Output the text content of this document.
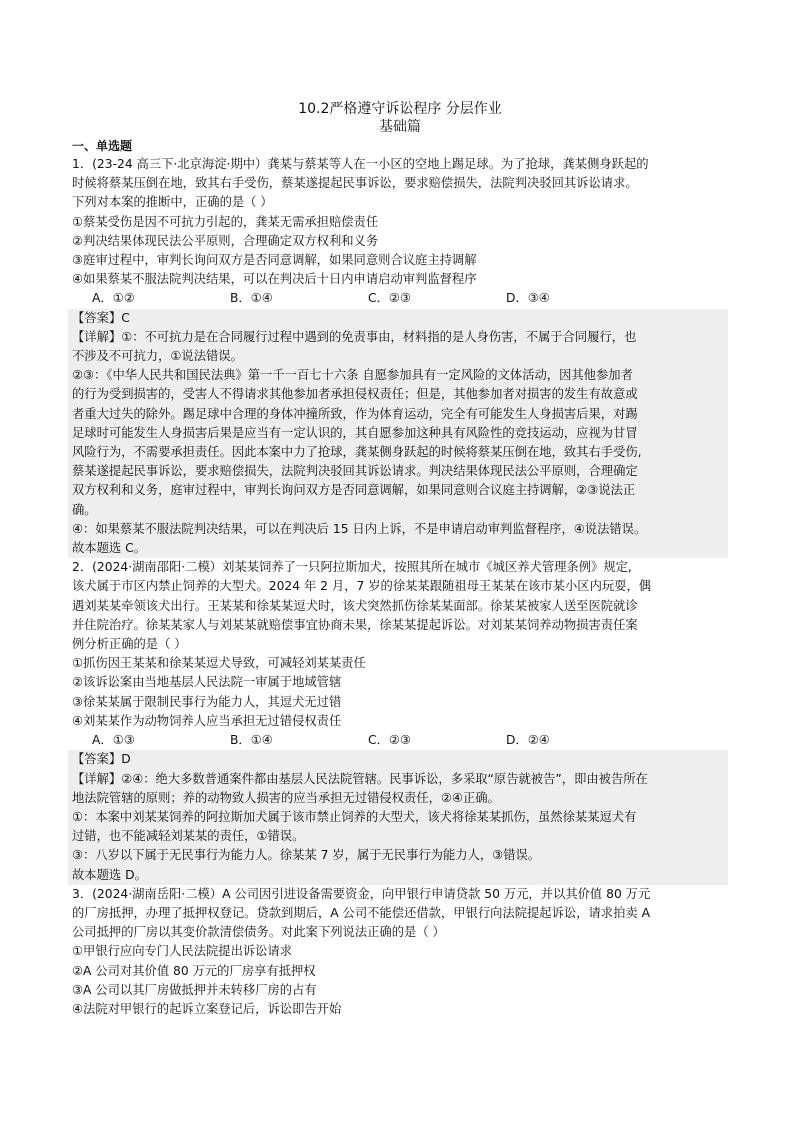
10.2严格遵守诉讼程序 分层作业
基础篇
一、单选题

1．(23-24 高三下·北京海淀·期中）龚某与蔡某等人在一小区的空地上踢足球。为了抢球，龚某侧身跃起的

时候将蔡某压倒在地，致其右手受伤，蔡某遂提起民事诉讼，要求赔偿损失，法院判决驳回其诉讼请求。

下列对本案的推断中，正确的是（ ）

①蔡某受伤是因不可抗力引起的，龚某无需承担赔偿责任

②判决结果体现民法公平原则，合理确定双方权利和义务

③庭审过程中，审判长询问双方是否同意调解，如果同意则合议庭主持调解

④如果蔡某不服法院判决结果，可以在判决后十日内申请启动审判监督程序

A．①②	B．①④	C．②③	D．③④

【答案】C

【详解】①：不可抗力是在合同履行过程中遇到的免责事由，材料指的是人身伤害，不属于合同履行，也

不涉及不可抗力，①说法错误。

②③：《中华人民共和国民法典》第一千一百七十六条 自愿参加具有一定风险的文体活动，因其他参加者

的行为受到损害的，受害人不得请求其他参加者承担侵权责任；但是，其他参加者对损害的发生有故意或

者重大过失的除外。踢足球中合理的身体冲撞所致，作为体育运动，完全有可能发生人身损害后果，对踢

足球时可能发生人身损害后果是应当有一定认识的，其自愿参加这种具有风险性的竞技运动，应视为甘冒

风险行为，不需要承担责任。因此本案中力了抢球，龚某侧身跃起的时候将蔡某压倒在地，致其右手受伤,

蔡某遂提起民事诉讼，要求赔偿损失，法院判决驳回其诉讼请求。判决结果体现民法公平原则，合理确定

双方权利和义务，庭审过程中，审判长询问双方是否同意调解，如果同意则合议庭主持调解，②③说法正

确。

④：如果蔡某不服法院判决结果，可以在判决后 15 日内上诉，不是申请启动审判监督程序，④说法错误。

故本题选 C。

2．(2024·湖南邵阳·二模）刘某某饲养了一只阿拉斯加犬，按照其所在城市《城区养犬管理条例》规定,

该犬属于市区内禁止饲养的大型犬。2024 年 2 月，7 岁的徐某某跟随祖母王某某在该市某小区内玩耍，偶

遇刘某某牵领该犬出行。王某某和徐某某逗犬时，该犬突然抓伤徐某某面部。徐某某被家人送至医院就诊

并住院治疗。徐某某家人与刘某某就赔偿事宜协商未果，徐某某提起诉讼。对刘某某饲养动物损害责任案

例分析正确的是（ ）

①抓伤因王某某和徐某某逗犬导致，可减轻刘某某责任

②该诉讼案由当地基层人民法院一审属于地域管辖

③徐某某属于限制民事行为能力人，其逗犬无过错

④刘某某作为动物饲养人应当承担无过错侵权责任

A．①③	B．①④	C．②③	D．②④

【答案】D

【详解】②④：绝大多数普通案件都由基层人民法院管辖。民事诉讼，多采取“原告就被告”，即由被告所在

地法院管辖的原则；养的动物致人损害的应当承担无过错侵权责任，②④正确。

①：本案中刘某某饲养的阿拉斯加犬属于该市禁止饲养的大型犬，该犬将徐某某抓伤，虽然徐某某逗犬有

过错，也不能减轻刘某某的责任，①错误。

③：八岁以下属于无民事行为能力人。徐某某 7 岁，属于无民事行为能力人，③错误。

故本题选 D。

3．(2024·湖南岳阳·二模）A 公司因引进设备需要资金，向甲银行申请贷款 50 万元，并以其价值 80 万元

的厂房抵押，办理了抵押权登记。贷款到期后，A 公司不能偿还借款，甲银行向法院提起诉讼，请求拍卖 A

公司抵押的厂房以其变价款清偿债务。对此案下列说法正确的是（ ）

①甲银行应向专门人民法院提出诉讼请求

②A 公司对其价值 80 万元的厂房享有抵押权

③A 公司以其厂房做抵押并未转移厂房的占有

④法院对甲银行的起诉立案登记后，诉讼即告开始
